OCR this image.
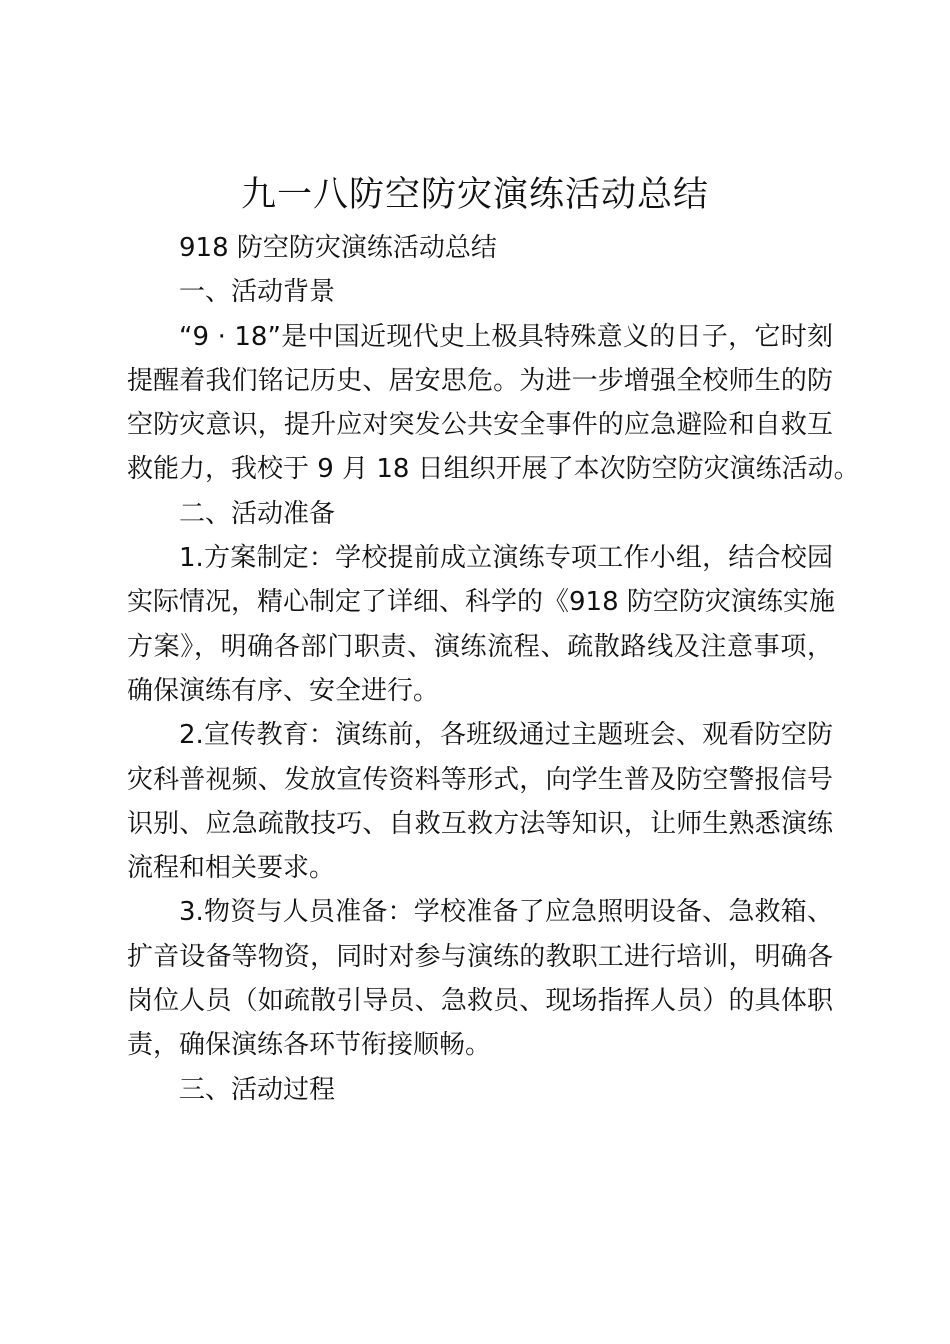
九一八防空防灾演练活动总结

918 防空防灾演练活动总结

一、活动背景

“9 · 18”是中国近现代史上极具特殊意义的日子，它时刻

提醒着我们铭记历史、居安思危。为进一步增强全校师生的防

空防灾意识，提升应对突发公共安全事件的应急避险和自救互

救能力，我校于 9 月 18 日组织开展了本次防空防灾演练活动。

二、活动准备

1.方案制定：学校提前成立演练专项工作小组，结合校园

实际情况，精心制定了详细、科学的《918 防空防灾演练实施

方案》，明确各部门职责、演练流程、疏散路线及注意事项，

确保演练有序、安全进行。

2.宣传教育：演练前，各班级通过主题班会、观看防空防

灾科普视频、发放宣传资料等形式，向学生普及防空警报信号

识别、应急疏散技巧、自救互救方法等知识，让师生熟悉演练

流程和相关要求。

3.物资与人员准备：学校准备了应急照明设备、急救箱、

扩音设备等物资，同时对参与演练的教职工进行培训，明确各

岗位人员（如疏散引导员、急救员、现场指挥人员）的具体职

责，确保演练各环节衔接顺畅。

三、活动过程
